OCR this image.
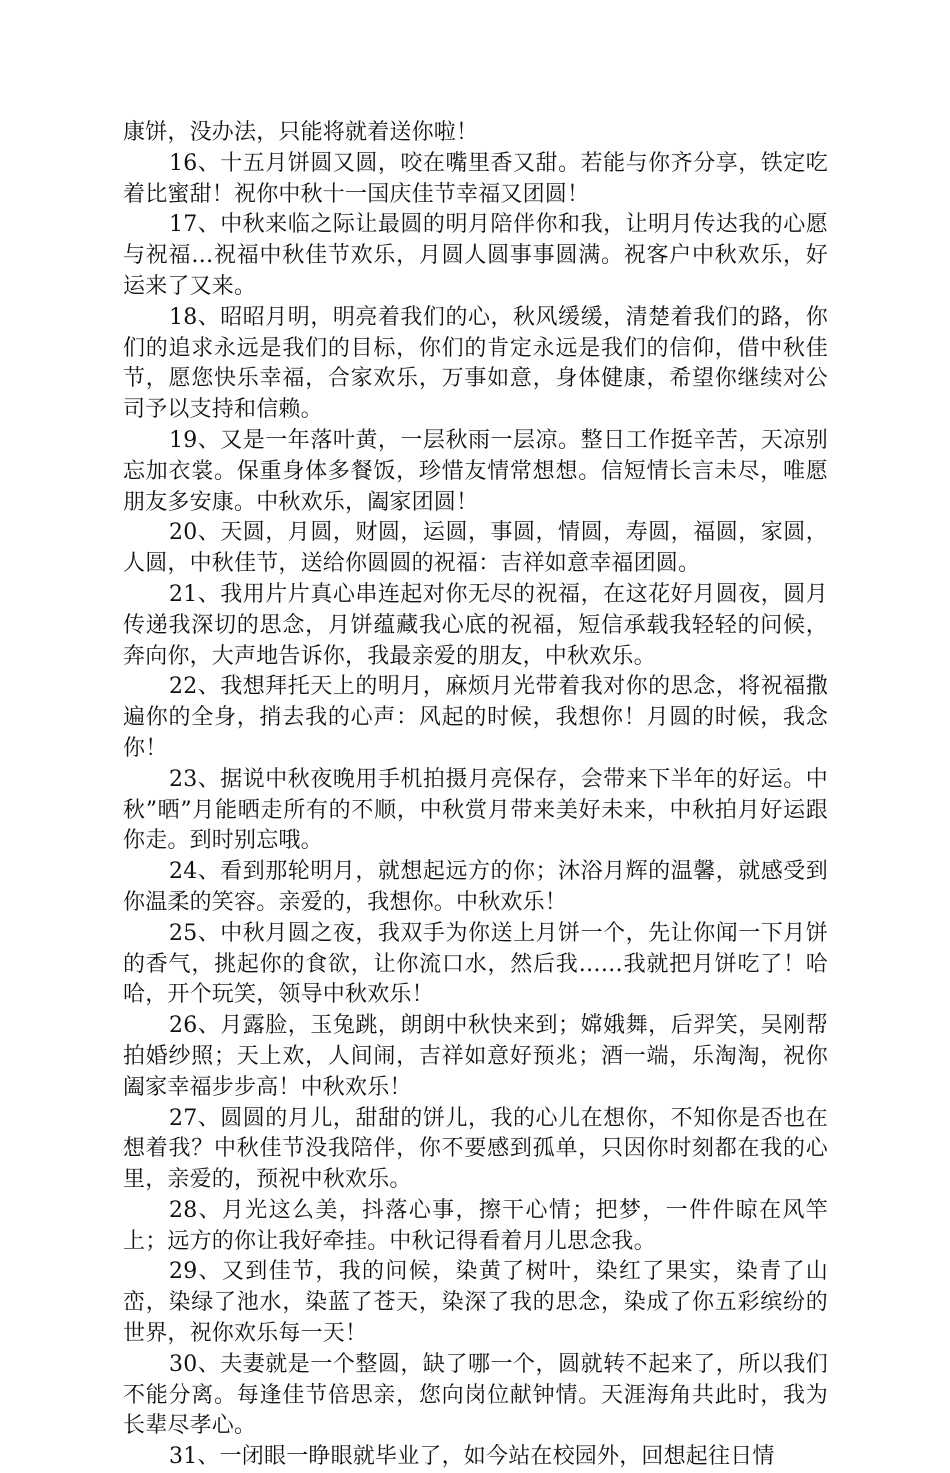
康饼，没办法，只能将就着送你啦！

16、十五月饼圆又圆，咬在嘴里香又甜。若能与你齐分享，铁定吃着比蜜甜！祝你中秋十一国庆佳节幸福又团圆！

17、中秋来临之际让最圆的明月陪伴你和我，让明月传达我的心愿与祝福…祝福中秋佳节欢乐，月圆人圆事事圆满。祝客户中秋欢乐，好运来了又来。

18、昭昭月明，明亮着我们的心，秋风缓缓，清楚着我们的路，你们的追求永远是我们的目标，你们的肯定永远是我们的信仰，借中秋佳节，愿您快乐幸福，合家欢乐，万事如意，身体健康，希望你继续对公司予以支持和信赖。

19、又是一年落叶黄，一层秋雨一层凉。整日工作挺辛苦，天凉别忘加衣裳。保重身体多餐饭，珍惜友情常想想。信短情长言未尽，唯愿朋友多安康。中秋欢乐，阖家团圆！

20、天圆，月圆，财圆，运圆，事圆，情圆，寿圆，福圆，家圆，人圆，中秋佳节，送给你圆圆的祝福：吉祥如意幸福团圆。

21、我用片片真心串连起对你无尽的祝福，在这花好月圆夜，圆月传递我深切的思念，月饼蕴藏我心底的祝福，短信承载我轻轻的问候，奔向你，大声地告诉你，我最亲爱的朋友，中秋欢乐。

22、我想拜托天上的明月，麻烦月光带着我对你的思念，将祝福撒遍你的全身，捎去我的心声：风起的时候，我想你！月圆的时候，我念你！

23、据说中秋夜晚用手机拍摄月亮保存，会带来下半年的好运。中秋”晒”月能晒走所有的不顺，中秋赏月带来美好未来，中秋拍月好运跟你走。到时别忘哦。

24、看到那轮明月，就想起远方的你；沐浴月辉的温馨，就感受到你温柔的笑容。亲爱的，我想你。中秋欢乐！

25、中秋月圆之夜，我双手为你送上月饼一个，先让你闻一下月饼的香气，挑起你的食欲，让你流口水，然后我……我就把月饼吃了！哈哈，开个玩笑，领导中秋欢乐！

26、月露脸，玉兔跳，朗朗中秋快来到；嫦娥舞，后羿笑，吴刚帮拍婚纱照；天上欢，人间闹，吉祥如意好预兆；酒一端，乐淘淘，祝你阖家幸福步步高！中秋欢乐！

27、圆圆的月儿，甜甜的饼儿，我的心儿在想你，不知你是否也在想着我？中秋佳节没我陪伴，你不要感到孤单，只因你时刻都在我的心里，亲爱的，预祝中秋欢乐。

28、月光这么美，抖落心事，擦干心情；把梦，一件件晾在风竿上；远方的你让我好牵挂。中秋记得看着月儿思念我。

29、又到佳节，我的问候，染黄了树叶，染红了果实，染青了山峦，染绿了池水，染蓝了苍天，染深了我的思念，染成了你五彩缤纷的世界，祝你欢乐每一天！

30、夫妻就是一个整圆，缺了哪一个，圆就转不起来了，所以我们不能分离。每逢佳节倍思亲，您向岗位献钟情。天涯海角共此时，我为长辈尽孝心。

31、一闭眼一睁眼就毕业了，如今站在校园外，回想起往日情
